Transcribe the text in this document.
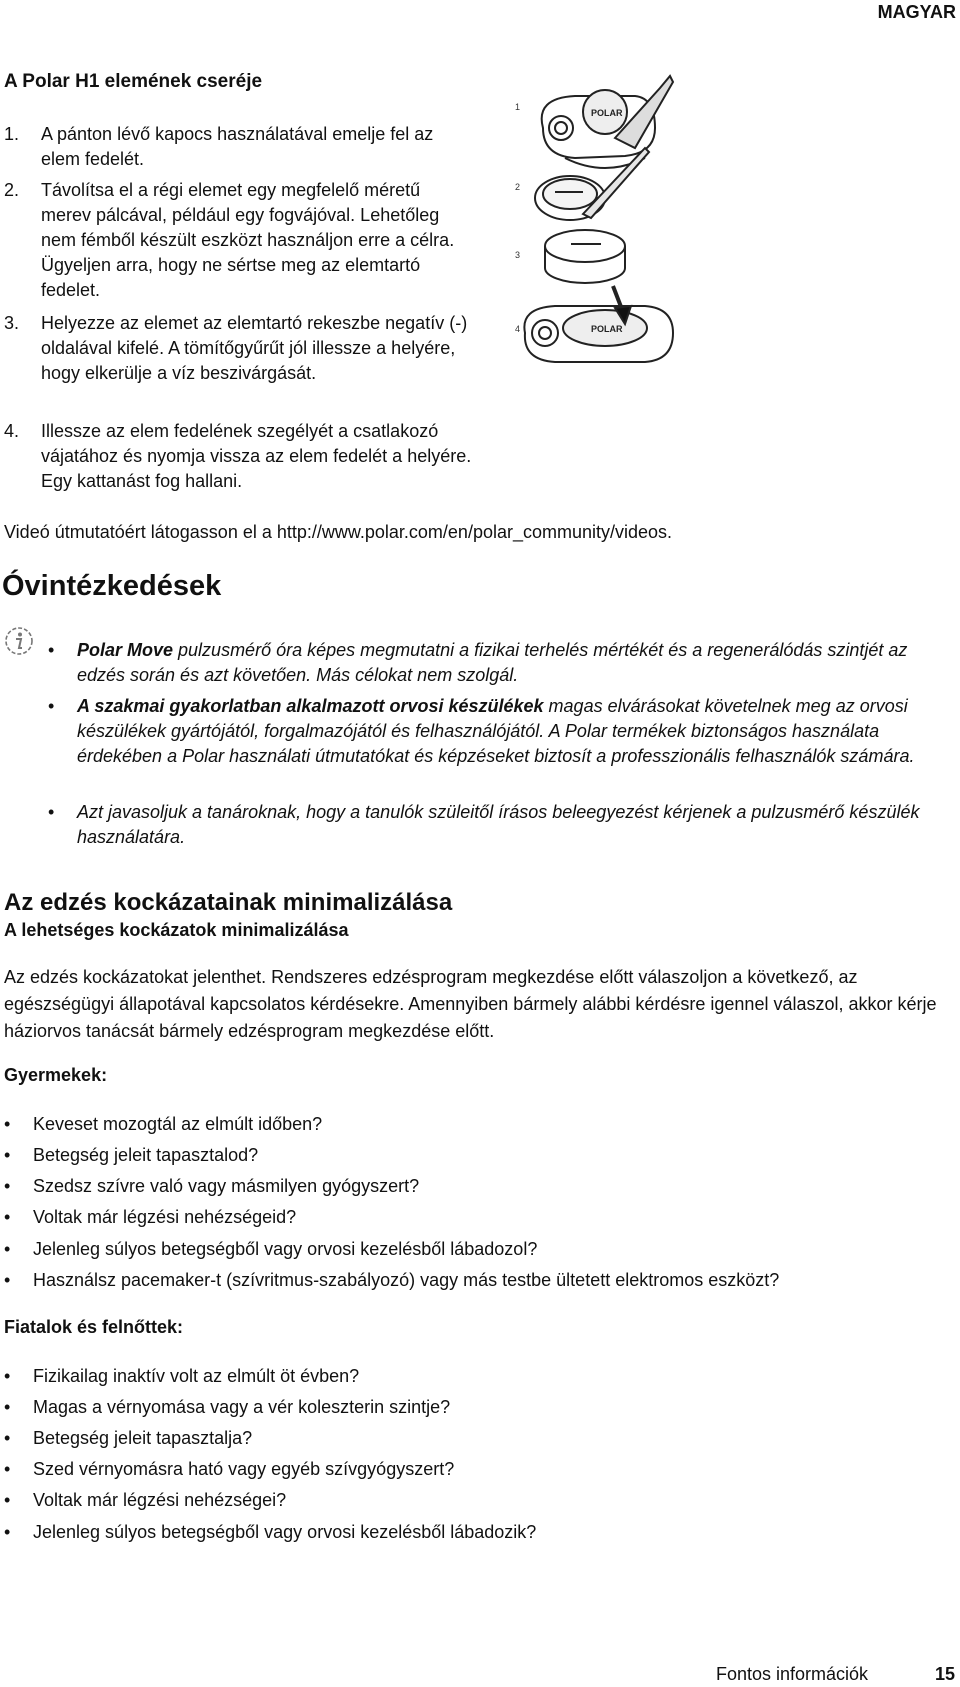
MAGYAR
A Polar H1 elemének cseréje
1. A pánton lévő kapocs használatával emelje fel az elem fedelét.
2. Távolítsa el a régi elemet egy megfelelő méretű merev pálcával, például egy fogvájóval. Lehetőleg nem fémből készült eszközt használjon erre a célra. Ügyeljen arra, hogy ne sértse meg az elemtartó fedelet.
3. Helyezze az elemet az elemtartó rekeszbe negatív (-) oldalával kifelé. A tömítőgyűrűt jól illessze a helyére, hogy elkerülje a víz beszivárgását.
4. Illessze az elem fedelének szegélyét a csatlakozó vájatához és nyomja vissza az elem fedelét a helyére. Egy kattanást fog hallani.
1
2
3
4
POLAR
POLAR
Videó útmutatóért látogasson el a http://www.polar.com/en/polar_community/videos.
Óvintézkedések
• Polar Move pulzusmérő óra képes megmutatni a fizikai terhelés mértékét és a regenerálódás szintjét az edzés során és azt követően. Más célokat nem szolgál.
• A szakmai gyakorlatban alkalmazott orvosi készülékek magas elvárásokat követelnek meg az orvosi készülékek gyártójától, forgalmazójától és felhasználójától. A Polar termékek biztonságos használata érdekében a Polar használati útmutatókat és képzéseket biztosít a professzionális felhasználók számára.
• Azt javasoljuk a tanároknak, hogy a tanulók szüleitől írásos beleegyezést kérjenek a pulzusmérő készülék használatára.
Az edzés kockázatainak minimalizálása
A lehetséges kockázatok minimalizálása
Az edzés kockázatokat jelenthet. Rendszeres edzésprogram megkezdése előtt válaszoljon a következő, az egészségügyi állapotával kapcsolatos kérdésekre. Amennyiben bármely alábbi kérdésre igennel válaszol, akkor kérje háziorvos tanácsát bármely edzésprogram megkezdése előtt.
Gyermekek:
• Keveset mozogtál az elmúlt időben?
• Betegség jeleit tapasztalod?
• Szedsz szívre való vagy másmilyen gyógyszert?
• Voltak már légzési nehézségeid?
• Jelenleg súlyos betegségből vagy orvosi kezelésből lábadozol?
• Használsz pacemaker-t (szívritmus-szabályozó) vagy más testbe ültetett elektromos eszközt?
Fiatalok és felnőttek:
• Fizikailag inaktív volt az elmúlt öt évben?
• Magas a vérnyomása vagy a vér koleszterin szintje?
• Betegség jeleit tapasztalja?
• Szed vérnyomásra ható vagy egyéb szívgyógyszert?
• Voltak már légzési nehézségei?
• Jelenleg súlyos betegségből vagy orvosi kezelésből lábadozik?
Fontos információk	15
